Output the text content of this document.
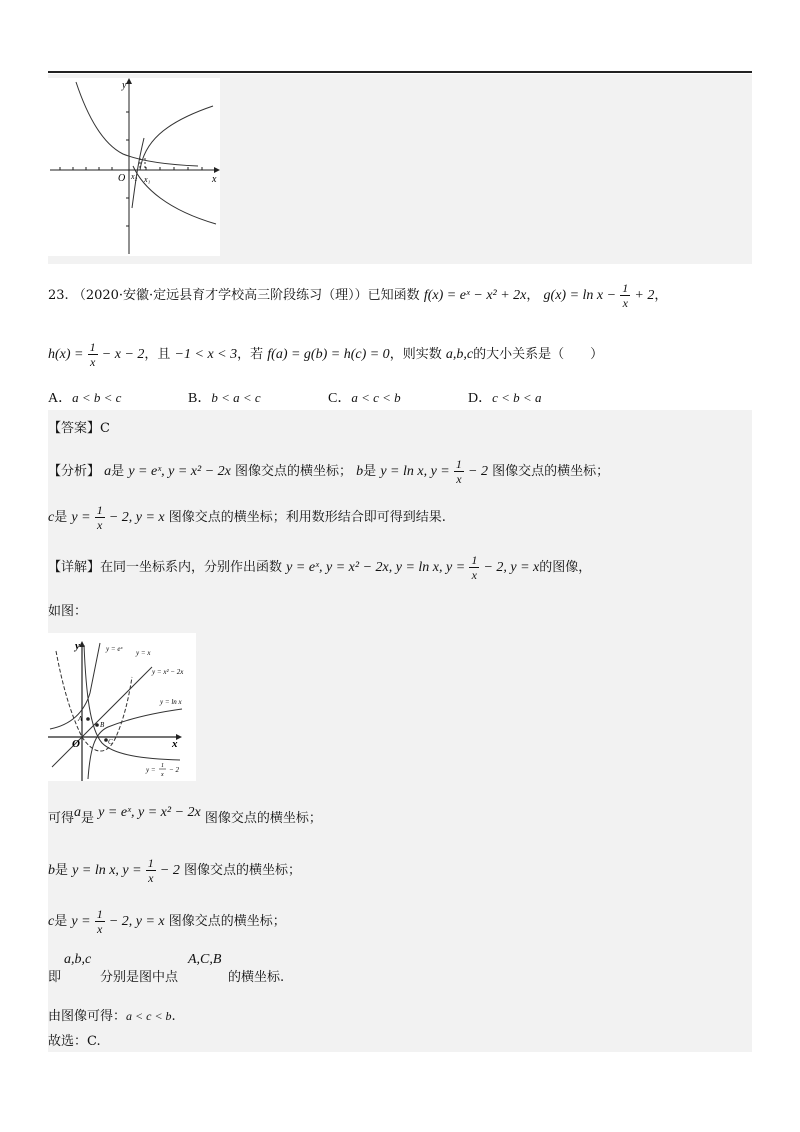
y
x
O x₂ x₁
23. （2020·安徽·定远县育才学校高三阶段练习（理））已知函数 f(x) = eˣ − x² + 2x， $g(x) = \ln x - \frac{1}{x} + 2$，
$h(x) = \frac{1}{x} - x - 2$，且 −1 < x < 3，若 f(a) = g(b) = h(c) = 0，则实数 a,b,c的大小关系是（　　）
A．a < b < c	B．b < a < c	C．a < c < b	D．c < b < a
【答案】C
【分析】 a是 y = eˣ, y = x² − 2x 图像交点的横坐标； b是 y = ln x, $y = \frac{1}{x} - 2$ 图像交点的横坐标；
c是 $y = \frac{1}{x} - 2$, y = x 图像交点的横坐标；利用数形结合即可得到结果.
【详解】在同一坐标系内，分别作出函数 y = eˣ, y = x² − 2x, y = ln x, $y = \frac{1}{x} - 2$, y = x的图像，
如图：
y
x
O
y = eˣ y = x
y = x² − 2x
y = ln x
A
B
C
y = 1
x
− 2
可得a是 y = eˣ, y = x² − 2x 图像交点的横坐标；
b是 y = ln x, $y = \frac{1}{x} - 2$ 图像交点的横坐标；
c是 $y = \frac{1}{x} - 2$, y = x 图像交点的横坐标；
即
a,b,c
分别是图中点
A,C,B
的横坐标.
由图像可得：a < c < b.
故选：C.
